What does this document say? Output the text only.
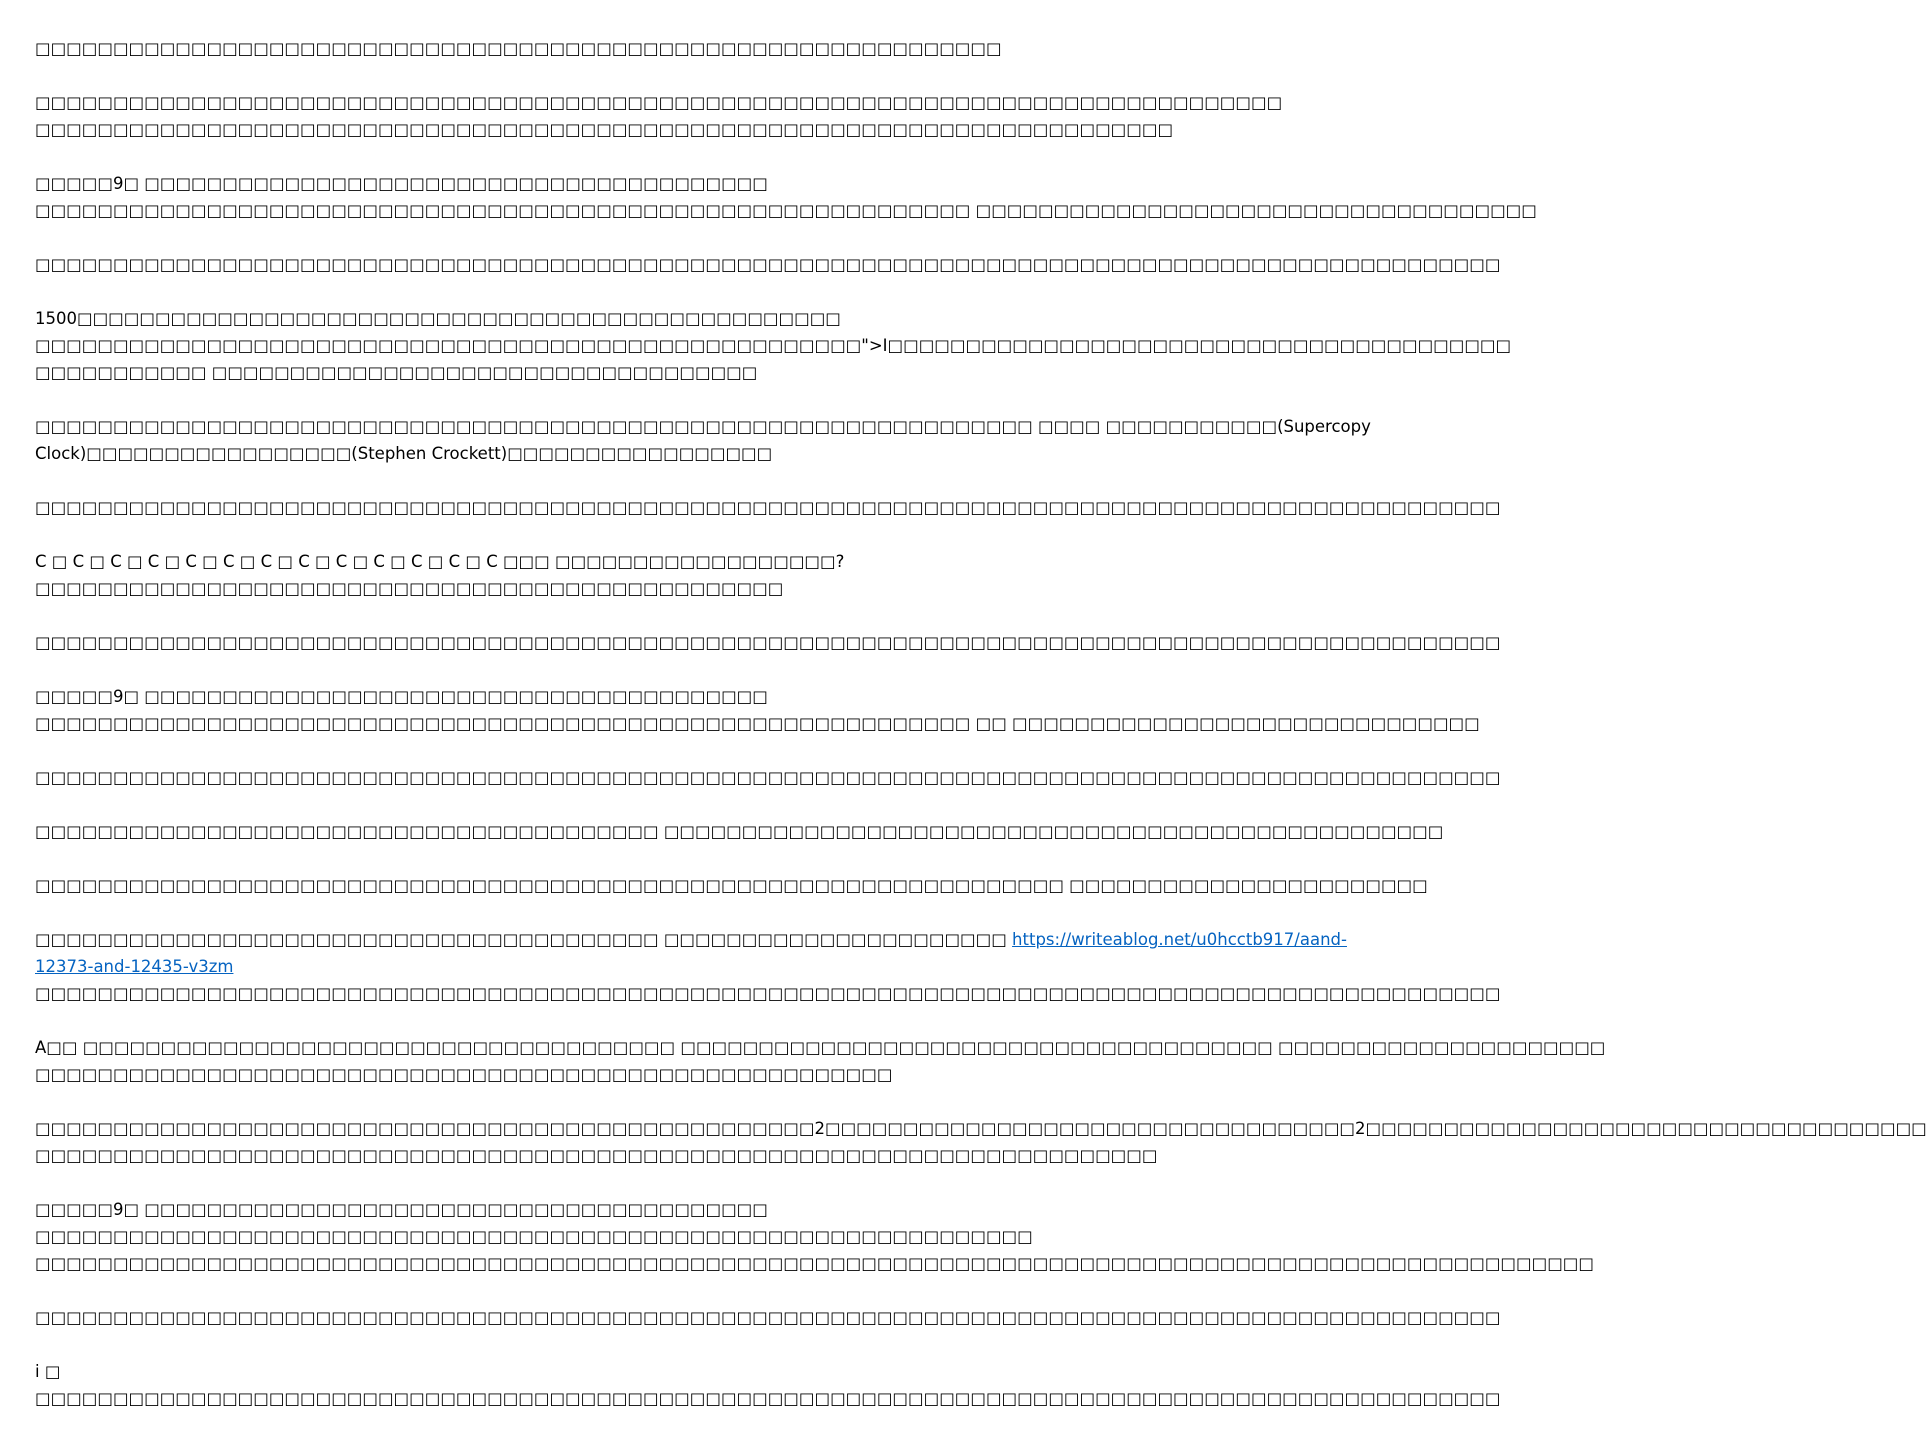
□□□□□□□□□□□□□□□□□□□□□□□□□□□□□□□□□□□□□□□□□□□□□□□□□□□□□□□□□□□□□□

□□□□□□□□□□□□□□□□□□□□□□□□□□□□□□□□□□□□□□□□□□□□□□□□□□□□□□□□□□□□□□□□□□□□□□□□□□□□□□□□
□□□□□□□□□□□□□□□□□□□□□□□□□□□□□□□□□□□□□□□□□□□□□□□□□□□□□□□□□□□□□□□□□□□□□□□□□

□□□□□9□ □□□□□□□□□□□□□□□□□□□□□□□□□□□□□□□□□□□□□□□□
□□□□□□□□□□□□□□□□□□□□□□□□□□□□□□□□□□□□□□□□□□□□□□□□□□□□□□□□□□□□ □□□□□□□□□□□□□□□□□□□□□□□□□□□□□□□□□□□□

□□□□□□□□□□□□□□□□□□□□□□□□□□□□□□□□□□□□□□□□□□□□□□□□□□□□□□□□□□□□□□□□□□□□□□□□□□□□□□□□□□□□□□□□□□□□□□

1500□□□□□□□□□□□□□□□□□□□□□□□□□□□□□□□□□□□□□□□□□□□□□□□□□
□□□□□□□□□□□□□□□□□□□□□□□□□□□□□□□□□□□□□□□□□□□□□□□□□□□□□">I□□□□□□□□□□□□□□□□□□□□□□□□□□□□□□□□□□□□□□□□
□□□□□□□□□□□ □□□□□□□□□□□□□□□□□□□□□□□□□□□□□□□□□□□

□□□□□□□□□□□□□□□□□□□□□□□□□□□□□□□□□□□□□□□□□□□□□□□□□□□□□□□□□□□□□□□□ □□□□ □□□□□□□□□□□(Supercopy
Clock)□□□□□□□□□□□□□□□□□(Stephen Crockett)□□□□□□□□□□□□□□□□□

□□□□□□□□□□□□□□□□□□□□□□□□□□□□□□□□□□□□□□□□□□□□□□□□□□□□□□□□□□□□□□□□□□□□□□□□□□□□□□□□□□□□□□□□□□□□□□

C □ C □ C □ C □ C □ C □ C □ C □ C □ C □ C □ C □ C □□□ □□□□□□□□□□□□□□□□□□?
□□□□□□□□□□□□□□□□□□□□□□□□□□□□□□□□□□□□□□□□□□□□□□□□

□□□□□□□□□□□□□□□□□□□□□□□□□□□□□□□□□□□□□□□□□□□□□□□□□□□□□□□□□□□□□□□□□□□□□□□□□□□□□□□□□□□□□□□□□□□□□□

□□□□□9□ □□□□□□□□□□□□□□□□□□□□□□□□□□□□□□□□□□□□□□□□
□□□□□□□□□□□□□□□□□□□□□□□□□□□□□□□□□□□□□□□□□□□□□□□□□□□□□□□□□□□□ □□ □□□□□□□□□□□□□□□□□□□□□□□□□□□□□□

□□□□□□□□□□□□□□□□□□□□□□□□□□□□□□□□□□□□□□□□□□□□□□□□□□□□□□□□□□□□□□□□□□□□□□□□□□□□□□□□□□□□□□□□□□□□□□

□□□□□□□□□□□□□□□□□□□□□□□□□□□□□□□□□□□□□□□□ □□□□□□□□□□□□□□□□□□□□□□□□□□□□□□□□□□□□□□□□□□□□□□□□□□

□□□□□□□□□□□□□□□□□□□□□□□□□□□□□□□□□□□□□□□□□□□□□□□□□□□□□□□□□□□□□□□□□□ □□□□□□□□□□□□□□□□□□□□□□□

□□□□□□□□□□□□□□□□□□□□□□□□□□□□□□□□□□□□□□□□ □□□□□□□□□□□□□□□□□□□□□□ https://writeablog.net/u0hcctb917/aand-
12373-and-12435-v3zm
□□□□□□□□□□□□□□□□□□□□□□□□□□□□□□□□□□□□□□□□□□□□□□□□□□□□□□□□□□□□□□□□□□□□□□□□□□□□□□□□□□□□□□□□□□□□□□

A□□ □□□□□□□□□□□□□□□□□□□□□□□□□□□□□□□□□□□□□□ □□□□□□□□□□□□□□□□□□□□□□□□□□□□□□□□□□□□□□ □□□□□□□□□□□□□□□□□□□□□
□□□□□□□□□□□□□□□□□□□□□□□□□□□□□□□□□□□□□□□□□□□□□□□□□□□□□□□

□□□□□□□□□□□□□□□□□□□□□□□□□□□□□□□□□□□□□□□□□□□□□□□□□□2□□□□□□□□□□□□□□□□□□□□□□□□□□□□□□□□□□2□□□□□□□□□□□□□□□□□□□□□□□□□□□□□□□□□□□□
□□□□□□□□□□□□□□□□□□□□□□□□□□□□□□□□□□□□□□□□□□□□□□□□□□□□□□□□□□□□□□□□□□□□□□□□

□□□□□9□ □□□□□□□□□□□□□□□□□□□□□□□□□□□□□□□□□□□□□□□□
□□□□□□□□□□□□□□□□□□□□□□□□□□□□□□□□□□□□□□□□□□□□□□□□□□□□□□□□□□□□□□□□
□□□□□□□□□□□□□□□□□□□□□□□□□□□□□□□□□□□□□□□□□□□□□□□□□□□□□□□□□□□□□□□□□□□□□□□□□□□□□□□□□□□□□□□□□□□□□□□□□□□□

□□□□□□□□□□□□□□□□□□□□□□□□□□□□□□□□□□□□□□□□□□□□□□□□□□□□□□□□□□□□□□□□□□□□□□□□□□□□□□□□□□□□□□□□□□□□□□

i □
□□□□□□□□□□□□□□□□□□□□□□□□□□□□□□□□□□□□□□□□□□□□□□□□□□□□□□□□□□□□□□□□□□□□□□□□□□□□□□□□□□□□□□□□□□□□□□
